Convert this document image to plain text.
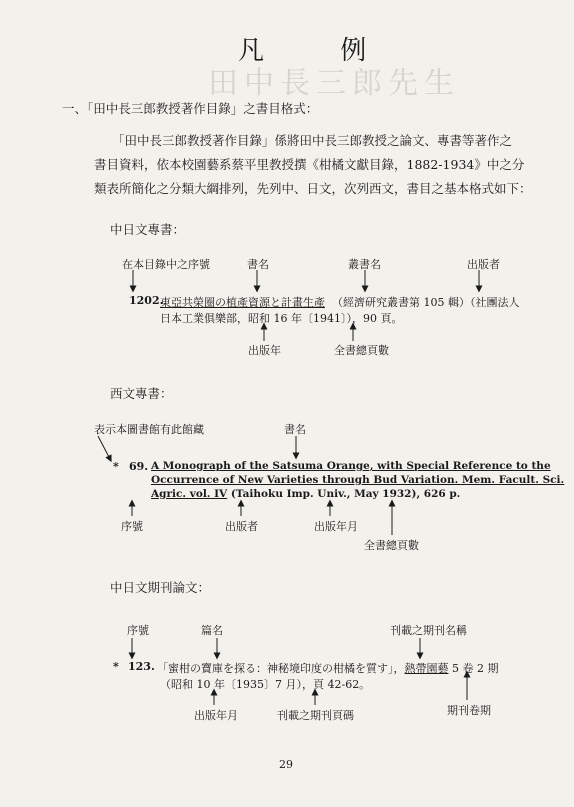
田中長三郎先生
凡 例
一、「田中長三郎教授著作目錄」之書目格式：
「田中長三郎教授著作目錄」係將田中長三郎教授之論文、專書等著作之
書目資料，依本校園藝系蔡平里教授撰《柑橘文獻目錄，1882-1934》中之分
類表所簡化之分類大綱排列，先列中、日文，次列西文，書目之基本格式如下：
中日文專書：
在本目錄中之序號	書名	叢書名	出版者
1202.
東亞共榮圈の植產資源と計畫生產 （經濟研究叢書第 105 輯）（社團法人
日本工業俱樂部，昭和 16 年〔1941〕），90 頁。
出版年	全書總頁數
西文專書：
表示本圖書館有此館藏	書名
* 69. A Monograph of the Satsuma Orange, with Special Reference to the
Occurrence of New Varieties through Bud Variation. Mem. Facult. Sci.
Agric. vol. IV (Taihoku Imp. Univ., May 1932), 626 p.
序號	出版者	出版年月
全書總頁數
中日文期刊論文：
序號	篇名	刊載之期刊名稱
* 123. 「蜜柑の寶庫を探る：神秘境印度の柑橘を質す」，熱帶園藝 5 卷 2 期
（昭和 10 年〔1935〕7 月），頁 42-62。
出版年月	刊載之期刊頁碼	期刊卷期
29
